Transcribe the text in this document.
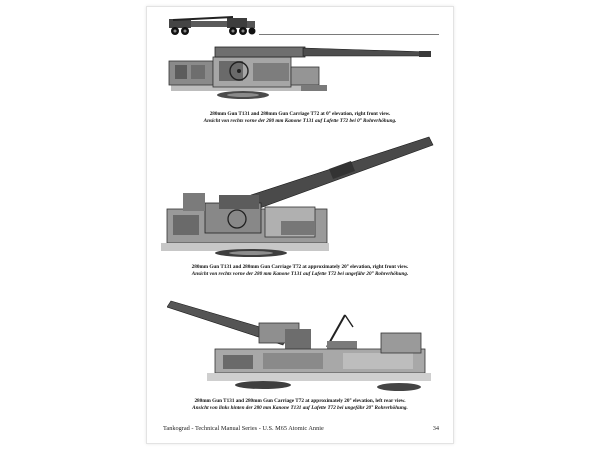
280mm Gun T131 and 280mm Gun Carriage T72 at 0° elevation, right front view.
Ansicht von rechts vorne der 280 mm Kanone T131 auf Lafette T72 bei 0° Rohrerhöhung.
280mm Gun T131 and 280mm Gun Carriage T72 at approximately 20° elevation, right front view.
Ansicht von rechts vorne der 280 mm Kanone T131 auf Lafette T72 bei ungefähr 20° Rohrerhöhung.
280mm Gun T131 and 280mm Gun Carriage T72 at approximately 20° elevation, left rear view.
Ansicht von links hinten der 280 mm Kanone T131 auf Lafette T72 bei ungefähr 20° Rohrerhöhung.
Tankograd - Technical Manual Series - U.S. M65 Atomic Annie	34
